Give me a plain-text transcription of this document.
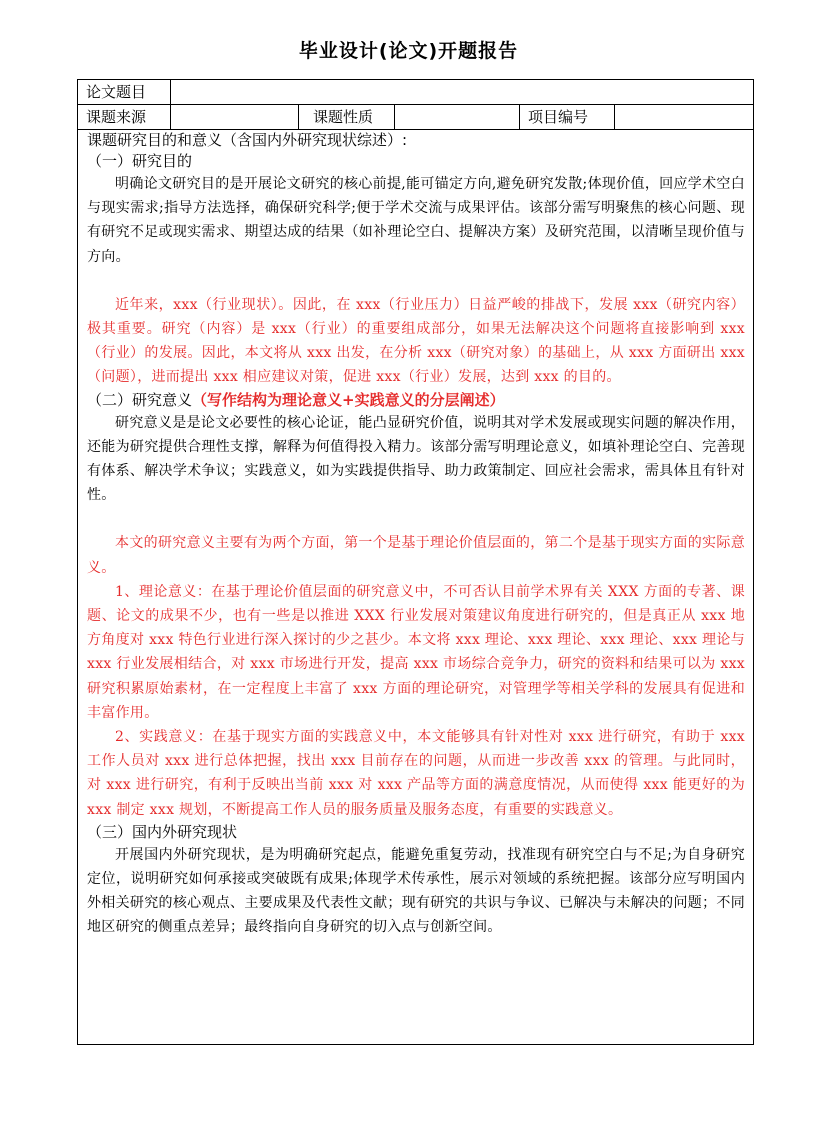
毕业设计(论文)开题报告
论文题目
课题来源	课题性质	项目编号

课题研究目的和意义（含国内外研究现状综述）:

（一）研究目的

明确论文研究目的是开展论文研究的核心前提,能可锚定方向,避免研究发散;体现价值，回应学术空白与现实需求;指导方法选择，确保研究科学;便于学术交流与成果评估。该部分需写明聚焦的核心问题、现有研究不足或现实需求、期望达成的结果（如补理论空白、提解决方案）及研究范围，以清晰呈现价值与方向。

近年来，xxx（行业现状）。因此，在 xxx（行业压力）日益严峻的排战下，发展 xxx（研究内容）极其重要。研究（内容）是 xxx（行业）的重要组成部分，如果无法解决这个问题将直接影响到 xxx（行业）的发展。因此，本文将从 xxx 出发，在分析 xxx（研究对象）的基础上，从 xxx 方面研出 xxx（问题），进而提出 xxx 相应建议对策，促进 xxx（行业）发展，达到 xxx 的目的。

（二）研究意义（写作结构为理论意义+实践意义的分层阐述）

研究意义是是论文必要性的核心论证，能凸显研究价值，说明其对学术发展或现实问题的解决作用，还能为研究提供合理性支撑，解释为何值得投入精力。该部分需写明理论意义，如填补理论空白、完善现有体系、解决学术争议；实践意义，如为实践提供指导、助力政策制定、回应社会需求，需具体且有针对性。

本文的研究意义主要有为两个方面，第一个是基于理论价值层面的，第二个是基于现实方面的实际意义。

1、理论意义：在基于理论价值层面的研究意义中，不可否认目前学术界有关 XXX 方面的专著、课题、论文的成果不少，也有一些是以推进 XXX 行业发展对策建议角度进行研究的，但是真正从 xxx 地方角度对 xxx 特色行业进行深入探讨的少之甚少。本文将 xxx 理论、xxx 理论、xxx 理论、xxx 理论与 xxx 行业发展相结合，对 xxx 市场进行开发，提高 xxx 市场综合竞争力，研究的资料和结果可以为 xxx 研究积累原始素材，在一定程度上丰富了 xxx 方面的理论研究，对管理学等相关学科的发展具有促进和丰富作用。

2、实践意义：在基于现实方面的实践意义中，本文能够具有针对性对 xxx 进行研究，有助于 xxx 工作人员对 xxx 进行总体把握，找出 xxx 目前存在的问题，从而进一步改善 xxx 的管理。与此同时，对 xxx 进行研究，有利于反映出当前 xxx 对 xxx 产品等方面的满意度情况，从而使得 xxx 能更好的为 xxx 制定 xxx 规划，不断提高工作人员的服务质量及服务态度，有重要的实践意义。

（三）国内外研究现状

开展国内外研究现状，是为明确研究起点，能避免重复劳动，找准现有研究空白与不足;为自身研究定位，说明研究如何承接或突破既有成果;体现学术传承性，展示对领域的系统把握。该部分应写明国内外相关研究的核心观点、主要成果及代表性文献；现有研究的共识与争议、已解决与未解决的问题；不同地区研究的侧重点差异；最终指向自身研究的切入点与创新空间。
